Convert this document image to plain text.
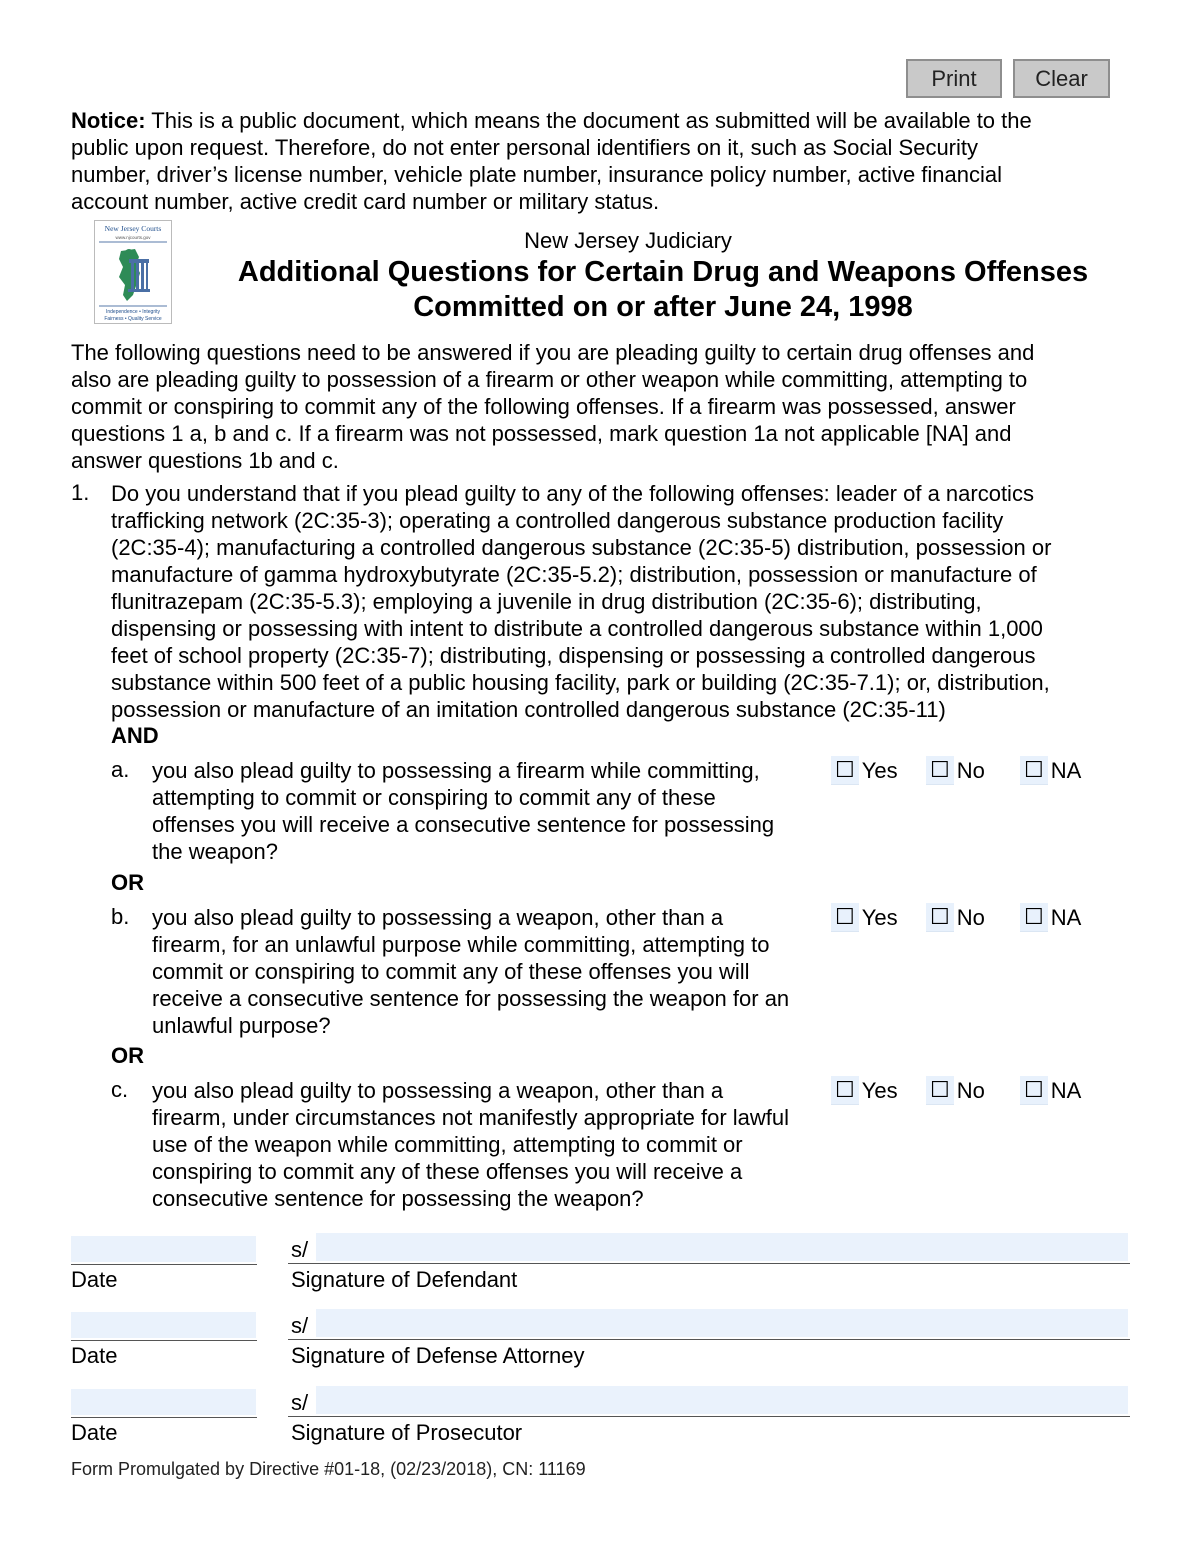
Print	Clear
Notice: This is a public document, which means the document as submitted will be available to the
public upon request. Therefore, do not enter personal identifiers on it, such as Social Security
number, driver’s license number, vehicle plate number, insurance policy number, active financial
account number, active credit card number or military status.
New Jersey Courts
www.njcourts.gov
Independence • Integrity
Fairness • Quality Service
New Jersey Judiciary
Additional Questions for Certain Drug and Weapons Offenses
Committed on or after June 24, 1998
The following questions need to be answered if you are pleading guilty to certain drug offenses and
also are pleading guilty to possession of a firearm or other weapon while committing, attempting to
commit or conspiring to commit any of the following offenses. If a firearm was possessed, answer
questions 1 a, b and c. If a firearm was not possessed, mark question 1a not applicable [NA] and
answer questions 1b and c.
1. Do you understand that if you plead guilty to any of the following offenses: leader of a narcotics
trafficking network (2C:35-3); operating a controlled dangerous substance production facility
(2C:35-4); manufacturing a controlled dangerous substance (2C:35-5) distribution, possession or
manufacture of gamma hydroxybutyrate (2C:35-5.2); distribution, possession or manufacture of
flunitrazepam (2C:35-5.3); employing a juvenile in drug distribution (2C:35-6); distributing,
dispensing or possessing with intent to distribute a controlled dangerous substance within 1,000
feet of school property (2C:35-7); distributing, dispensing or possessing a controlled dangerous
substance within 500 feet of a public housing facility, park or building (2C:35-7.1); or, distribution,
possession or manufacture of an imitation controlled dangerous substance (2C:35-11)
AND
a. you also plead guilty to possessing a firearm while committing,
attempting to commit or conspiring to commit any of these
offenses you will receive a consecutive sentence for possessing
the weapon?
☐ Yes ☐ No ☐ NA
OR
b. you also plead guilty to possessing a weapon, other than a
firearm, for an unlawful purpose while committing, attempting to
commit or conspiring to commit any of these offenses you will
receive a consecutive sentence for possessing the weapon for an
unlawful purpose?
☐ Yes ☐ No ☐ NA
OR
c. you also plead guilty to possessing a weapon, other than a
firearm, under circumstances not manifestly appropriate for lawful
use of the weapon while committing, attempting to commit or
conspiring to commit any of these offenses you will receive a
consecutive sentence for possessing the weapon?
☐ Yes ☐ No ☐ NA
s/
Date	Signature of Defendant
s/
Date	Signature of Defense Attorney
s/
Date	Signature of Prosecutor
Form Promulgated by Directive #01-18, (02/23/2018), CN: 11169
